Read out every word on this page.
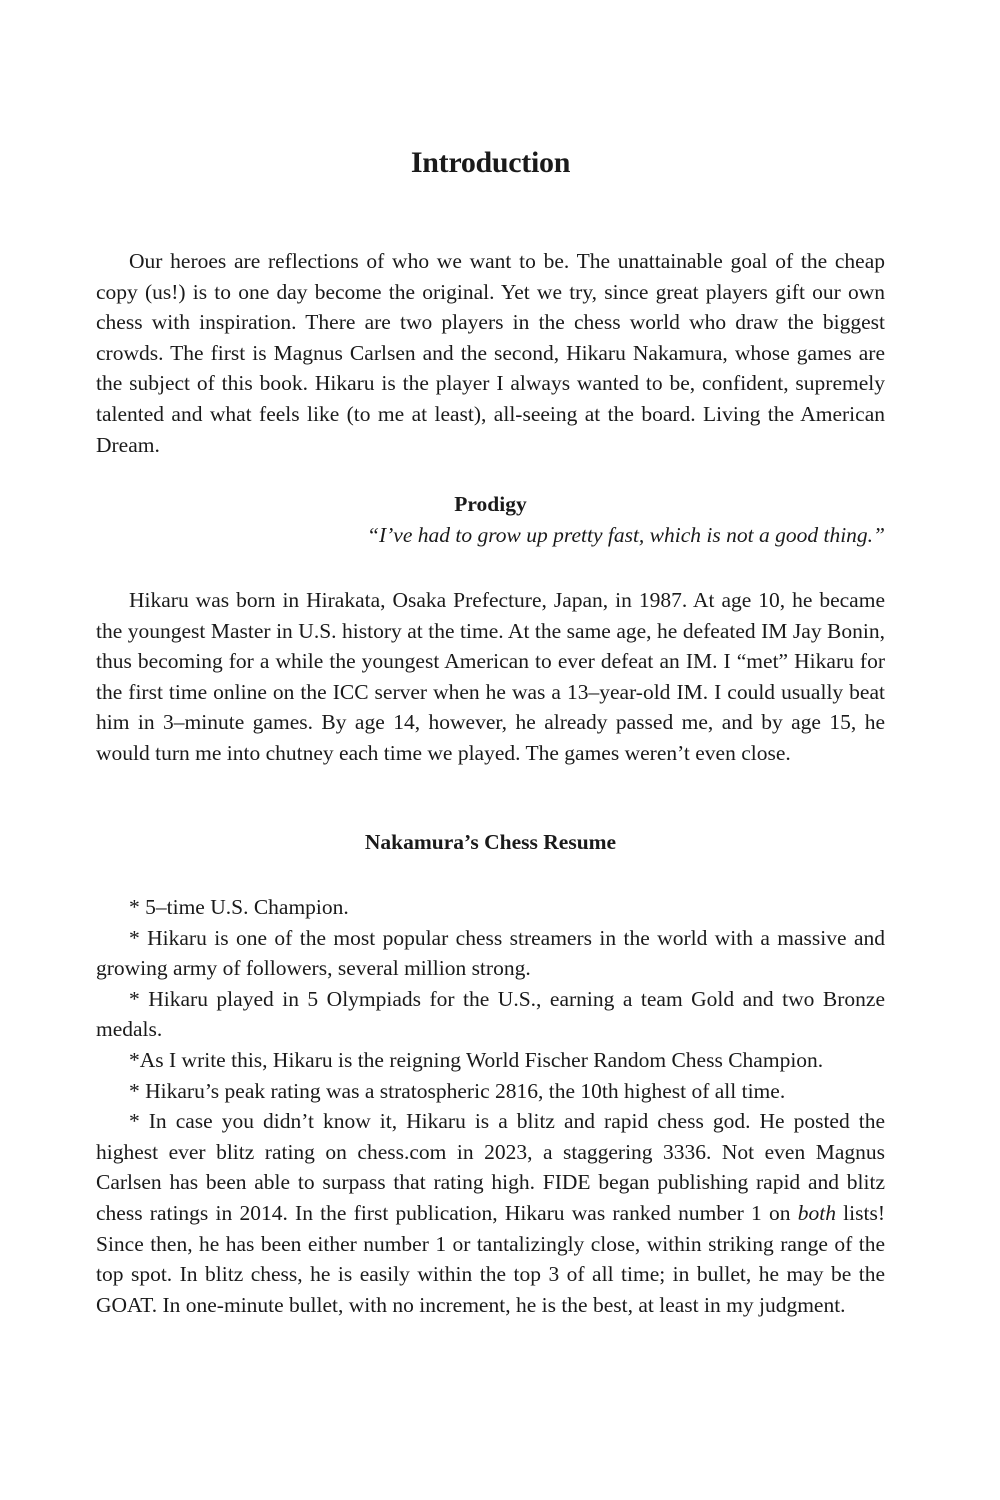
Introduction

Our heroes are reflections of who we want to be. The unattainable goal of the cheap copy (us!) is to one day become the original. Yet we try, since great players gift our own chess with inspiration. There are two players in the chess world who draw the biggest crowds. The first is Magnus Carlsen and the second, Hikaru Nakamura, whose games are the subject of this book. Hikaru is the player I always wanted to be, confident, supremely talented and what feels like (to me at least), all-seeing at the board. Living the American Dream.

Prodigy

“I’ve had to grow up pretty fast, which is not a good thing.”

Hikaru was born in Hirakata, Osaka Prefecture, Japan, in 1987. At age 10, he became the youngest Master in U.S. history at the time. At the same age, he defeated IM Jay Bonin, thus becoming for a while the youngest American to ever defeat an IM. I “met” Hikaru for the first time online on the ICC server when he was a 13–year-old IM. I could usually beat him in 3–minute games. By age 14, however, he already passed me, and by age 15, he would turn me into chutney each time we played. The games weren’t even close.

Nakamura’s Chess Resume

* 5–time U.S. Champion.

* Hikaru is one of the most popular chess streamers in the world with a massive and growing army of followers, several million strong.

* Hikaru played in 5 Olympiads for the U.S., earning a team Gold and two Bronze medals.

*As I write this, Hikaru is the reigning World Fischer Random Chess Champion.

* Hikaru’s peak rating was a stratospheric 2816, the 10th highest of all time.

* In case you didn’t know it, Hikaru is a blitz and rapid chess god. He posted the highest ever blitz rating on chess.com in 2023, a staggering 3336. Not even Magnus Carlsen has been able to surpass that rating high. FIDE began publishing rapid and blitz chess ratings in 2014. In the first publication, Hikaru was ranked number 1 on both lists! Since then, he has been either number 1 or tantalizingly close, within striking range of the top spot. In blitz chess, he is easily within the top 3 of all time; in bullet, he may be the GOAT. In one-minute bullet, with no increment, he is the best, at least in my judgment.
